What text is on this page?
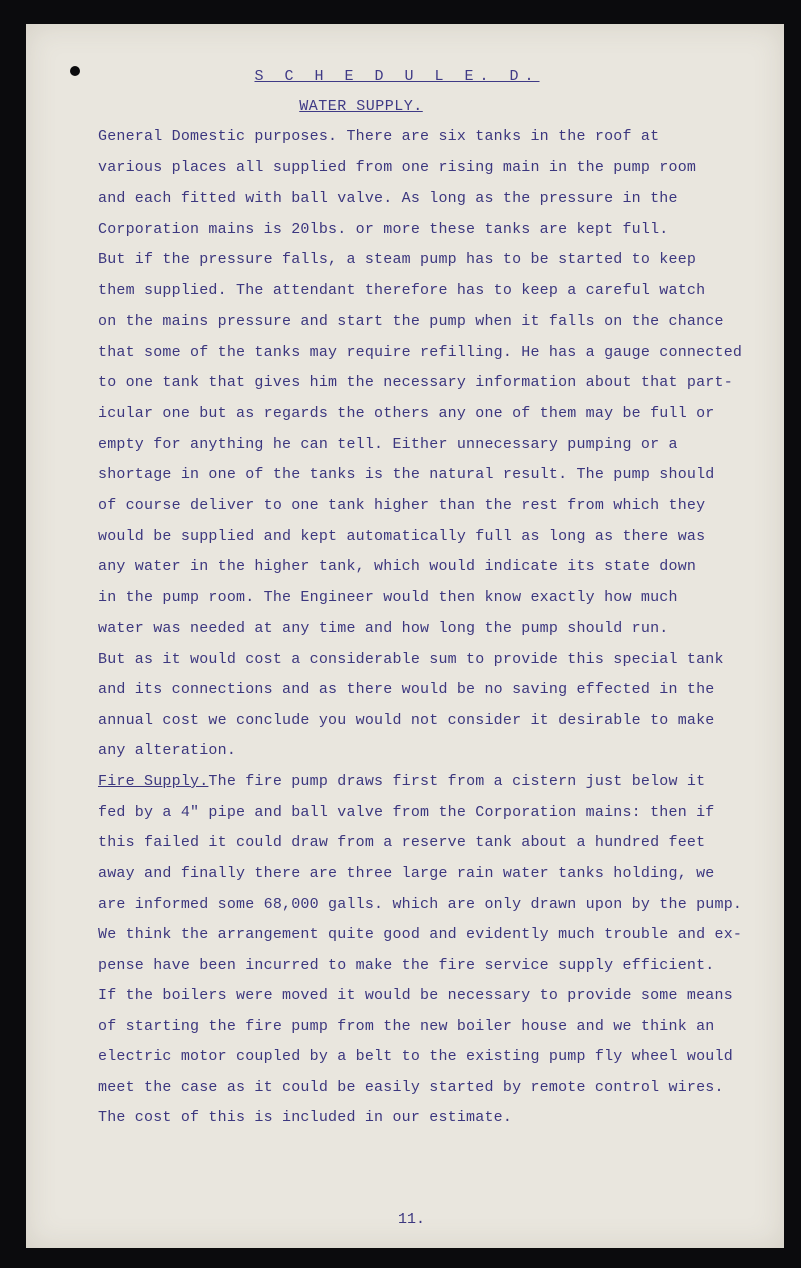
S C H E D U L E. D.
WATER SUPPLY.
General Domestic purposes. There are six tanks in the roof at
various places all supplied from one rising main in the pump room
and each fitted with ball valve. As long as the pressure in the
Corporation mains is 20lbs. or more these tanks are kept full.
But if the pressure falls, a steam pump has to be started to keep
them supplied. The attendant therefore has to keep a careful watch
on the mains pressure and start the pump when it falls on the chance
that some of the tanks may require refilling. He has a gauge connected
to one tank that gives him the necessary information about that part-
icular one but as regards the others any one of them may be full or
empty for anything he can tell. Either unnecessary pumping or a
shortage in one of the tanks is the natural result. The pump should
of course deliver to one tank higher than the rest from which they
would be supplied and kept automatically full as long as there was
any water in the higher tank, which would indicate its state down
in the pump room. The Engineer would then know exactly how much
water was needed at any time and how long the pump should run.
But as it would cost a considerable sum to provide this special tank
and its connections and as there would be no saving effected in the
annual cost we conclude you would not consider it desirable to make
any alteration.
Fire Supply.The fire pump draws first from a cistern just below it
fed by a 4" pipe and ball valve from the Corporation mains: then if
this failed it could draw from a reserve tank about a hundred feet
away and finally there are three large rain water tanks holding, we
are informed some 68,000 galls. which are only drawn upon by the pump.
We think the arrangement quite good and evidently much trouble and ex-
pense have been incurred to make the fire service supply efficient.
If the boilers were moved it would be necessary to provide some means
of starting the fire pump from the new boiler house and we think an
electric motor coupled by a belt to the existing pump fly wheel would
meet the case as it could be easily started by remote control wires.
The cost of this is included in our estimate.
11.
